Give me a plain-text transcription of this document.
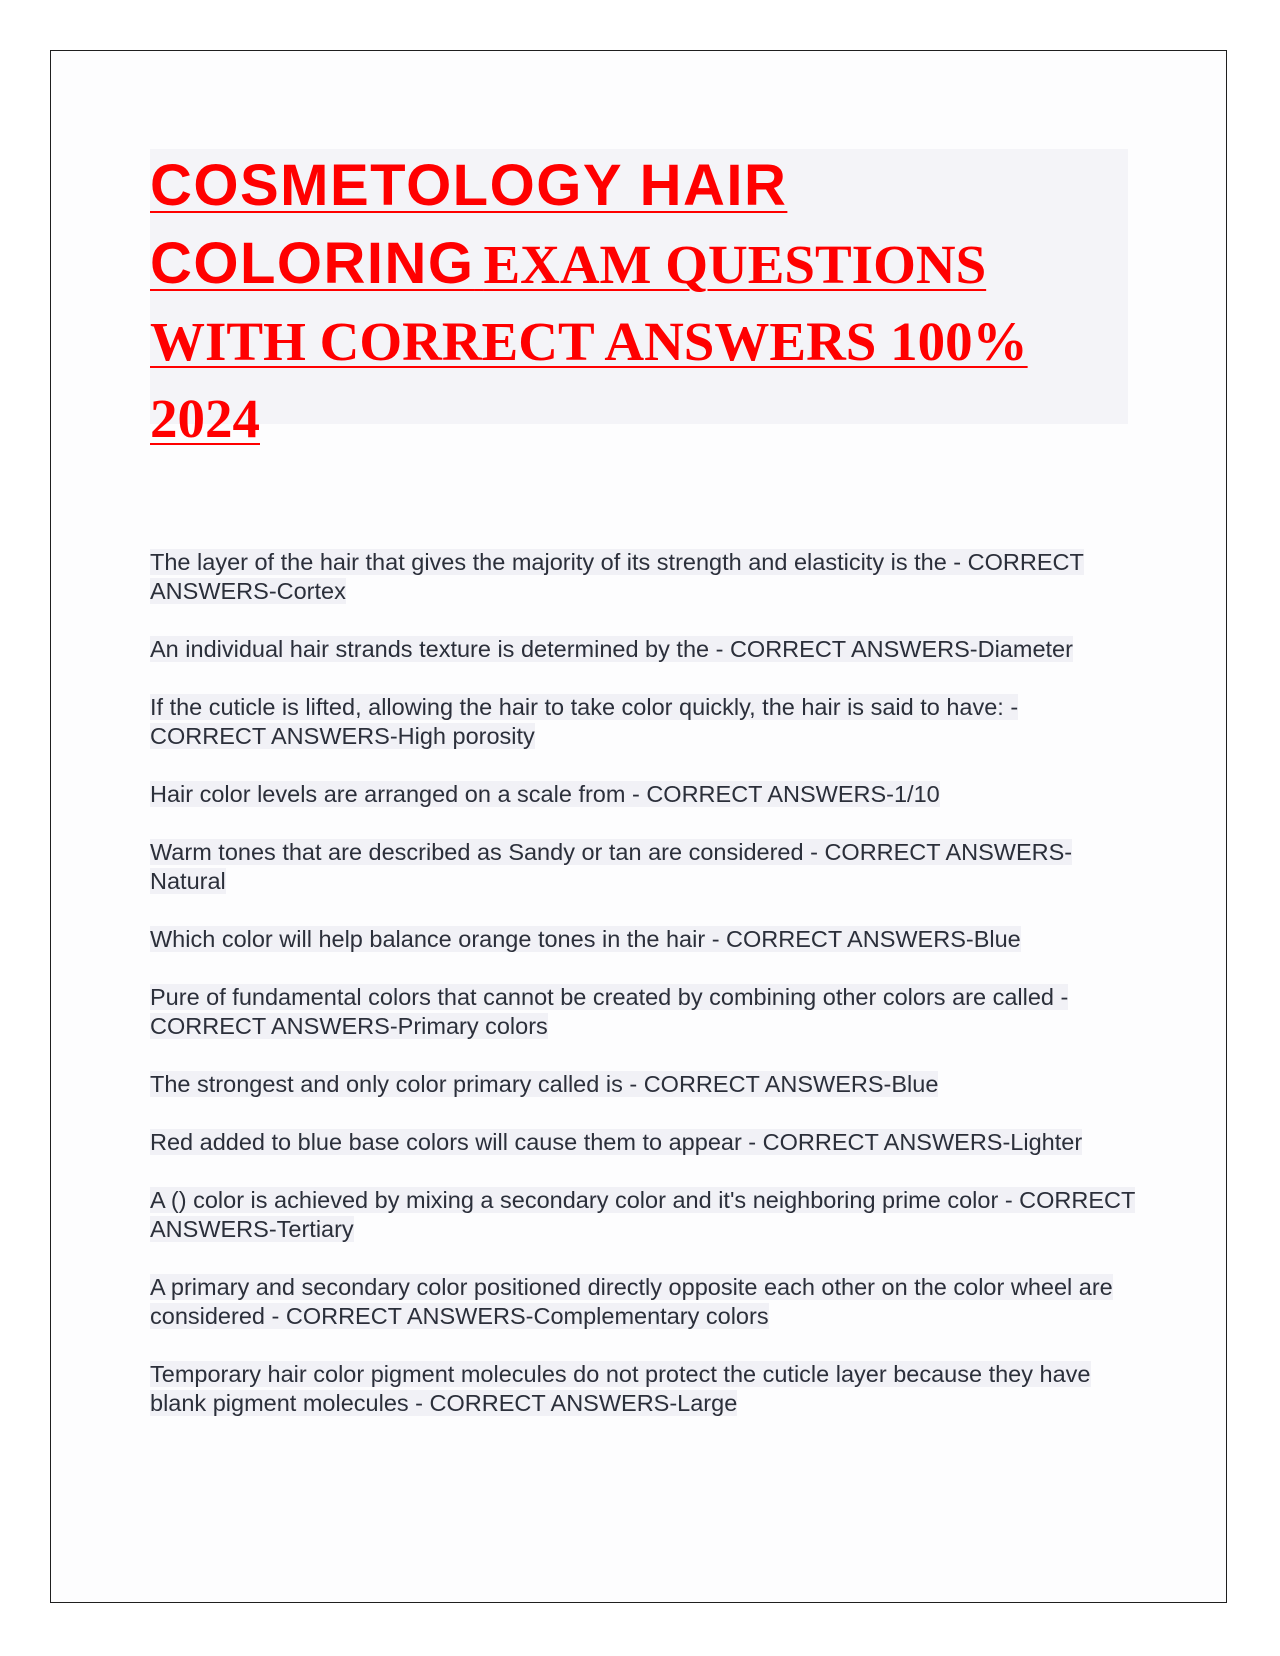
COSMETOLOGY HAIR COLORING EXAM QUESTIONS WITH CORRECT ANSWERS 100% 2024
The layer of the hair that gives the majority of its strength and elasticity is the - CORRECT ANSWERS-Cortex
An individual hair strands texture is determined by the - CORRECT ANSWERS-Diameter
If the cuticle is lifted, allowing the hair to take color quickly, the hair is said to have: - CORRECT ANSWERS-High porosity
Hair color levels are arranged on a scale from - CORRECT ANSWERS-1/10
Warm tones that are described as Sandy or tan are considered - CORRECT ANSWERS-Natural
Which color will help balance orange tones in the hair - CORRECT ANSWERS-Blue
Pure of fundamental colors that cannot be created by combining other colors are called - CORRECT ANSWERS-Primary colors
The strongest and only color primary called is - CORRECT ANSWERS-Blue
Red added to blue base colors will cause them to appear - CORRECT ANSWERS-Lighter
A () color is achieved by mixing a secondary color and it's neighboring prime color - CORRECT ANSWERS-Tertiary
A primary and secondary color positioned directly opposite each other on the color wheel are considered - CORRECT ANSWERS-Complementary colors
Temporary hair color pigment molecules do not protect the cuticle layer because they have blank pigment molecules - CORRECT ANSWERS-Large
